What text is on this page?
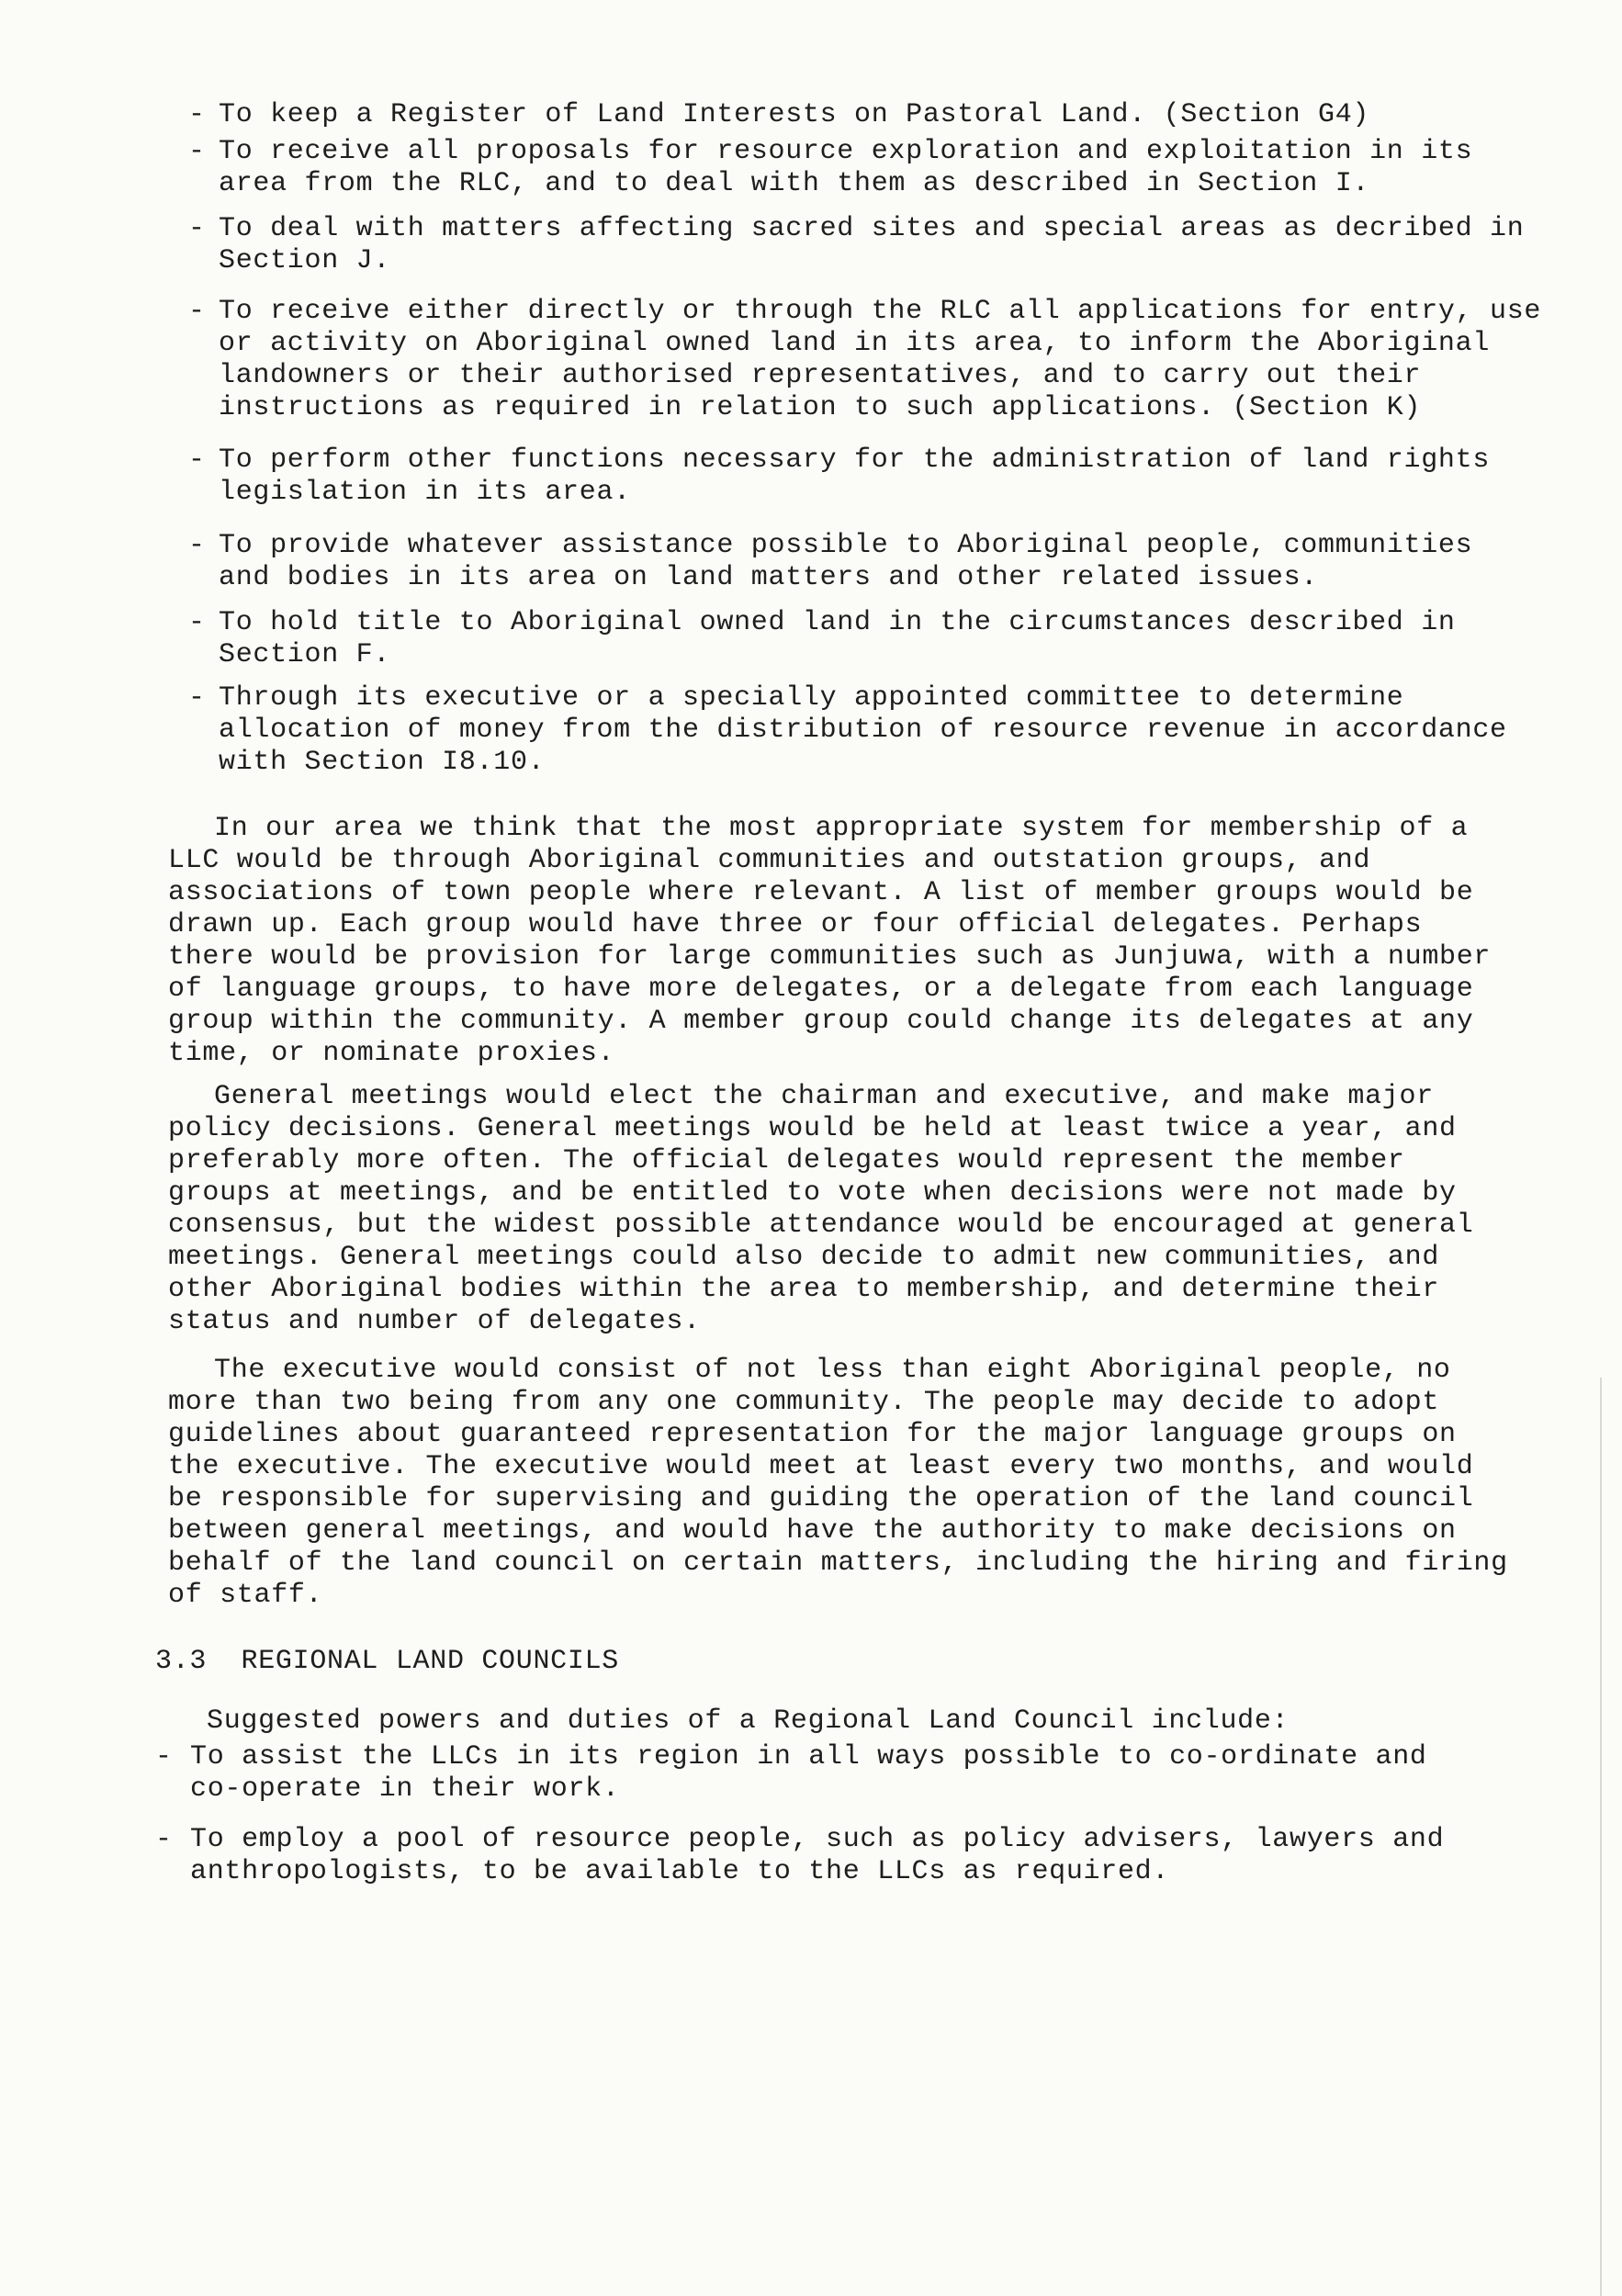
3.3  REGIONAL LAND COUNCILS
Suggested powers and duties of a Regional Land Council include:
- To keep a Register of Land Interests on Pastoral Land. (Section G4)
- To receive all proposals for resource exploration and exploitation in its
area from the RLC, and to deal with them as described in Section I.
- To deal with matters affecting sacred sites and special areas as decribed in
Section J.
- To receive either directly or through the RLC all applications for entry, use
or activity on Aboriginal owned land in its area, to inform the Aboriginal
landowners or their authorised representatives, and to carry out their
instructions as required in relation to such applications. (Section K)
- To perform other functions necessary for the administration of land rights
legislation in its area.
- To provide whatever assistance possible to Aboriginal people, communities
and bodies in its area on land matters and other related issues.
- To hold title to Aboriginal owned land in the circumstances described in
Section F.
- Through its executive or a specially appointed committee to determine
allocation of money from the distribution of resource revenue in accordance
with Section I8.10.
In our area we think that the most appropriate system for membership of a
LLC would be through Aboriginal communities and outstation groups, and
associations of town people where relevant. A list of member groups would be
drawn up. Each group would have three or four official delegates. Perhaps
there would be provision for large communities such as Junjuwa, with a number
of language groups, to have more delegates, or a delegate from each language
group within the community. A member group could change its delegates at any
time, or nominate proxies.
General meetings would elect the chairman and executive, and make major
policy decisions. General meetings would be held at least twice a year, and
preferably more often. The official delegates would represent the member
groups at meetings, and be entitled to vote when decisions were not made by
consensus, but the widest possible attendance would be encouraged at general
meetings. General meetings could also decide to admit new communities, and
other Aboriginal bodies within the area to membership, and determine their
status and number of delegates.
The executive would consist of not less than eight Aboriginal people, no
more than two being from any one community. The people may decide to adopt
guidelines about guaranteed representation for the major language groups on
the executive. The executive would meet at least every two months, and would
be responsible for supervising and guiding the operation of the land council
between general meetings, and would have the authority to make decisions on
behalf of the land council on certain matters, including the hiring and firing
of staff.
- To assist the LLCs in its region in all ways possible to co-ordinate and
co-operate in their work.
- To employ a pool of resource people, such as policy advisers, lawyers and
anthropologists, to be available to the LLCs as required.
